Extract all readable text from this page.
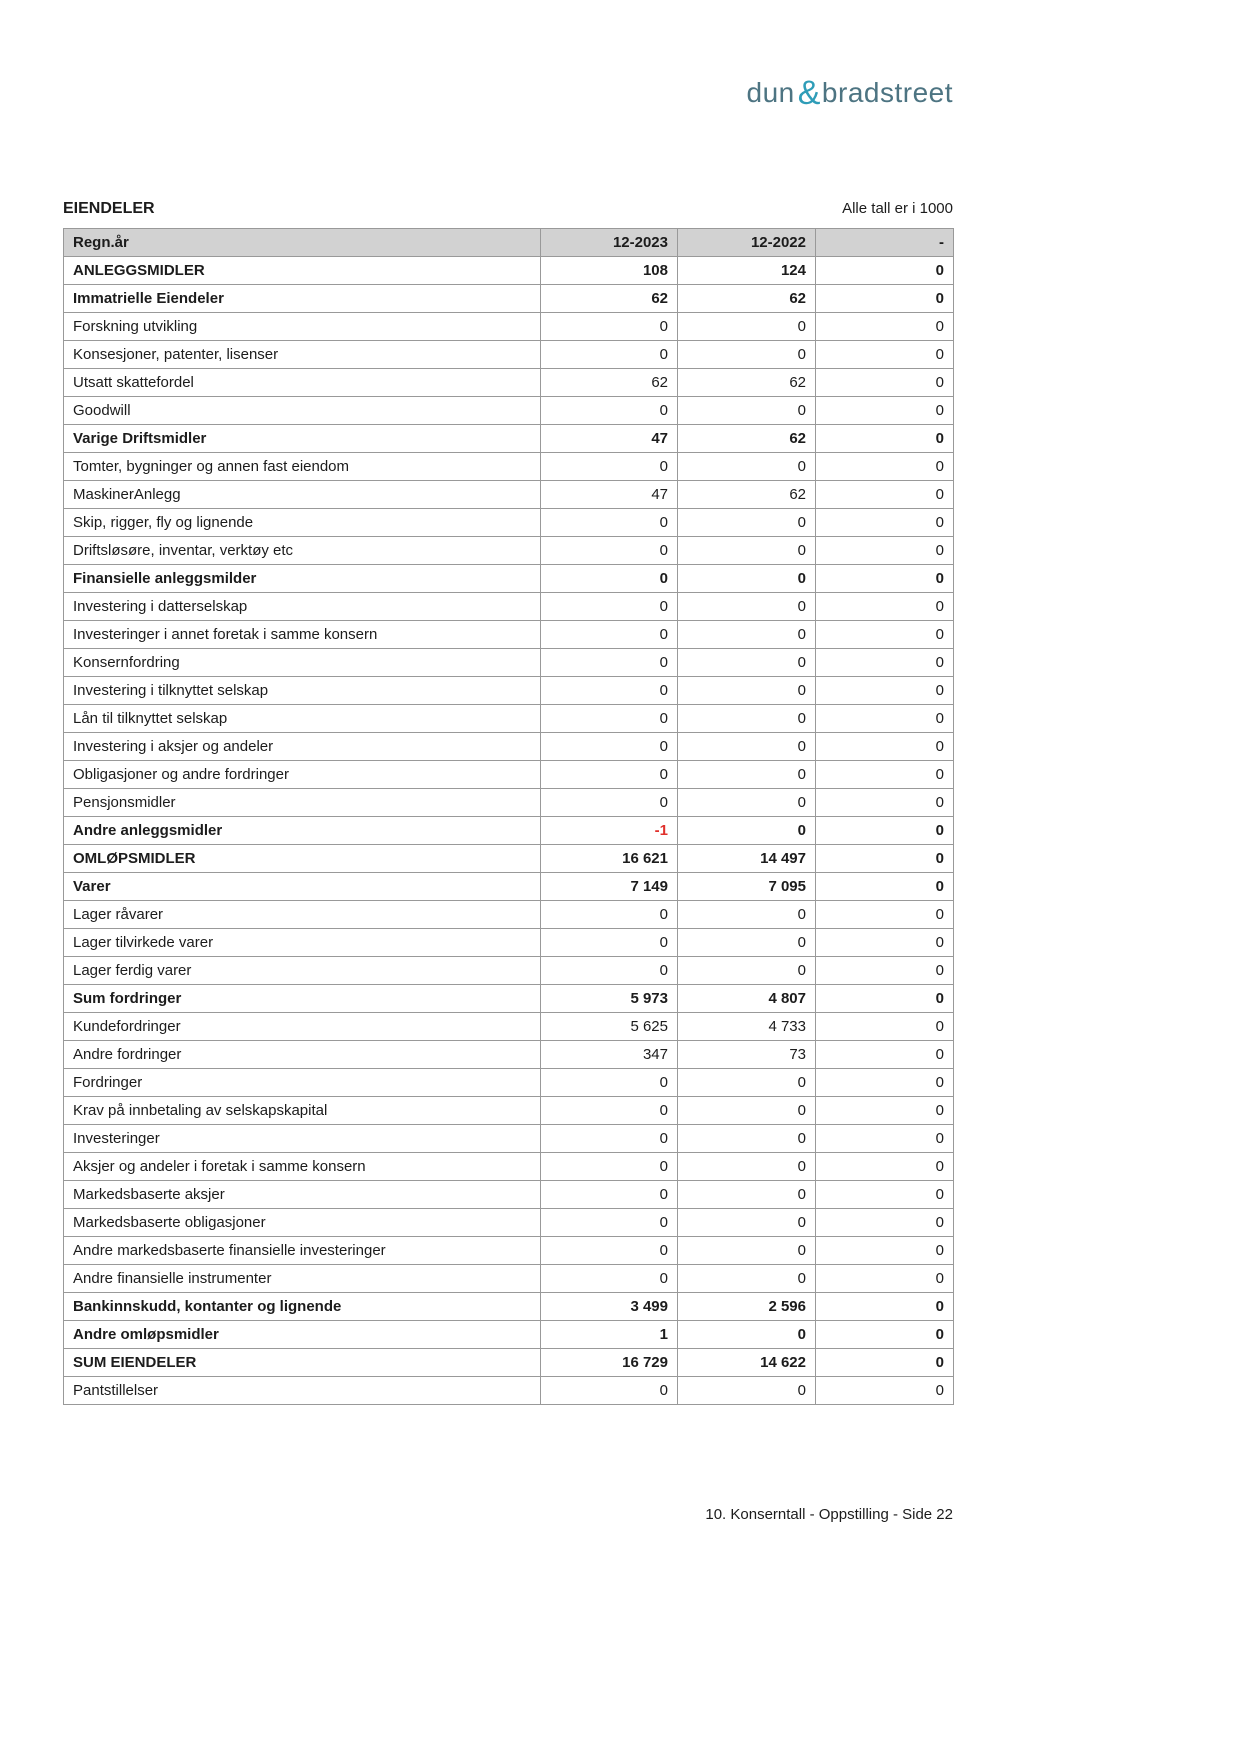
dun & bradstreet
EIENDELER	Alle tall er i 1000
Regn.år	12-2023	12-2022	-
ANLEGGSMIDLER	108	124	0
Immatrielle Eiendeler	62	62	0
Forskning utvikling	0	0	0
Konsesjoner, patenter, lisenser	0	0	0
Utsatt skattefordel	62	62	0
Goodwill	0	0	0
Varige Driftsmidler	47	62	0
Tomter, bygninger og annen fast eiendom	0	0	0
MaskinerAnlegg	47	62	0
Skip, rigger, fly og lignende	0	0	0
Driftsløsøre, inventar, verktøy etc	0	0	0
Finansielle anleggsmilder	0	0	0
Investering i datterselskap	0	0	0
Investeringer i annet foretak i samme konsern	0	0	0
Konsernfordring	0	0	0
Investering i tilknyttet selskap	0	0	0
Lån til tilknyttet selskap	0	0	0
Investering i aksjer og andeler	0	0	0
Obligasjoner og andre fordringer	0	0	0
Pensjonsmidler	0	0	0
Andre anleggsmidler	-1	0	0
OMLØPSMIDLER	16 621	14 497	0
Varer	7 149	7 095	0
Lager råvarer	0	0	0
Lager tilvirkede varer	0	0	0
Lager ferdig varer	0	0	0
Sum fordringer	5 973	4 807	0
Kundefordringer	5 625	4 733	0
Andre fordringer	347	73	0
Fordringer	0	0	0
Krav på innbetaling av selskapskapital	0	0	0
Investeringer	0	0	0
Aksjer og andeler i foretak i samme konsern	0	0	0
Markedsbaserte aksjer	0	0	0
Markedsbaserte obligasjoner	0	0	0
Andre markedsbaserte finansielle investeringer	0	0	0
Andre finansielle instrumenter	0	0	0
Bankinnskudd, kontanter og lignende	3 499	2 596	0
Andre omløpsmidler	1	0	0
SUM EIENDELER	16 729	14 622	0
Pantstillelser	0	0	0
10. Konserntall - Oppstilling - Side 22
